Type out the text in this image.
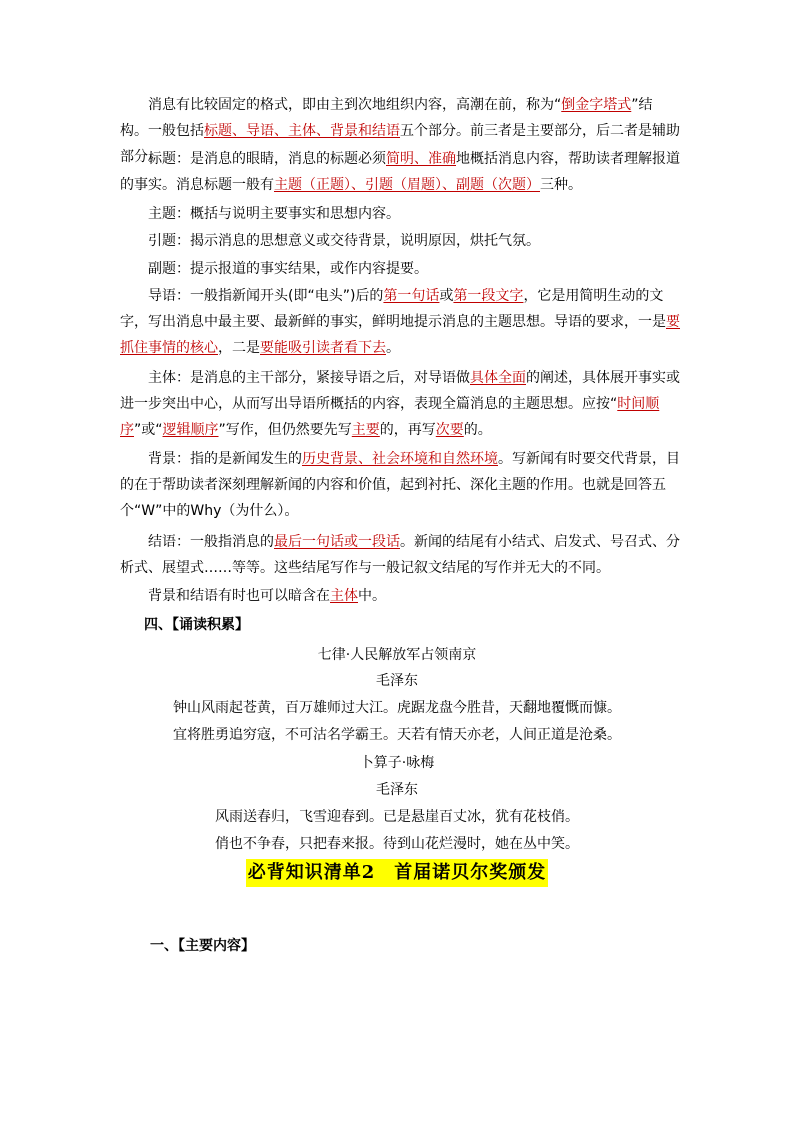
消息有比较固定的格式，即由主到次地组织内容，高潮在前，称为“倒金字塔式”结构。一般包括标题、导语、主体、背景和结语五个部分。前三者是主要部分，后二者是辅助部分。
标题：是消息的眼睛，消息的标题必须简明、准确地概括消息内容，帮助读者理解报道的事实。消息标题一般有主题（正题）、引题（眉题）、副题（次题）三种。
主题：概括与说明主要事实和思想内容。
引题：揭示消息的思想意义或交待背景，说明原因，烘托气氛。
副题：提示报道的事实结果，或作内容提要。
导语：一般指新闻开头(即“电头”)后的第一句话或第一段文字，它是用简明生动的文字，写出消息中最主要、最新鲜的事实，鲜明地提示消息的主题思想。导语的要求，一是要抓住事情的核心，二是要能吸引读者看下去。
主体：是消息的主干部分，紧接导语之后，对导语做具体全面的阐述，具体展开事实或进一步突出中心，从而写出导语所概括的内容，表现全篇消息的主题思想。应按“时间顺序”或“逻辑顺序”写作，但仍然要先写主要的，再写次要的。
背景：指的是新闻发生的历史背景、社会环境和自然环境。写新闻有时要交代背景，目的在于帮助读者深刻理解新闻的内容和价值，起到衬托、深化主题的作用。也就是回答五个“W”中的Why（为什么）。
结语：一般指消息的最后一句话或一段话。新闻的结尾有小结式、启发式、号召式、分析式、展望式……等等。这些结尾写作与一般记叙文结尾的写作并无大的不同。
背景和结语有时也可以暗含在主体中。
四、【诵读积累】
七律·人民解放军占领南京
毛泽东
钟山风雨起苍黄，百万雄师过大江。虎踞龙盘今胜昔，天翻地覆慨而慷。
宜将胜勇追穷寇，不可沽名学霸王。天若有情天亦老，人间正道是沧桑。
卜算子·咏梅
毛泽东
风雨送春归，飞雪迎春到。已是悬崖百丈冰，犹有花枝俏。
俏也不争春，只把春来报。待到山花烂漫时，她在丛中笑。
必背知识清单2　首届诺贝尔奖颁发
一、【主要内容】
